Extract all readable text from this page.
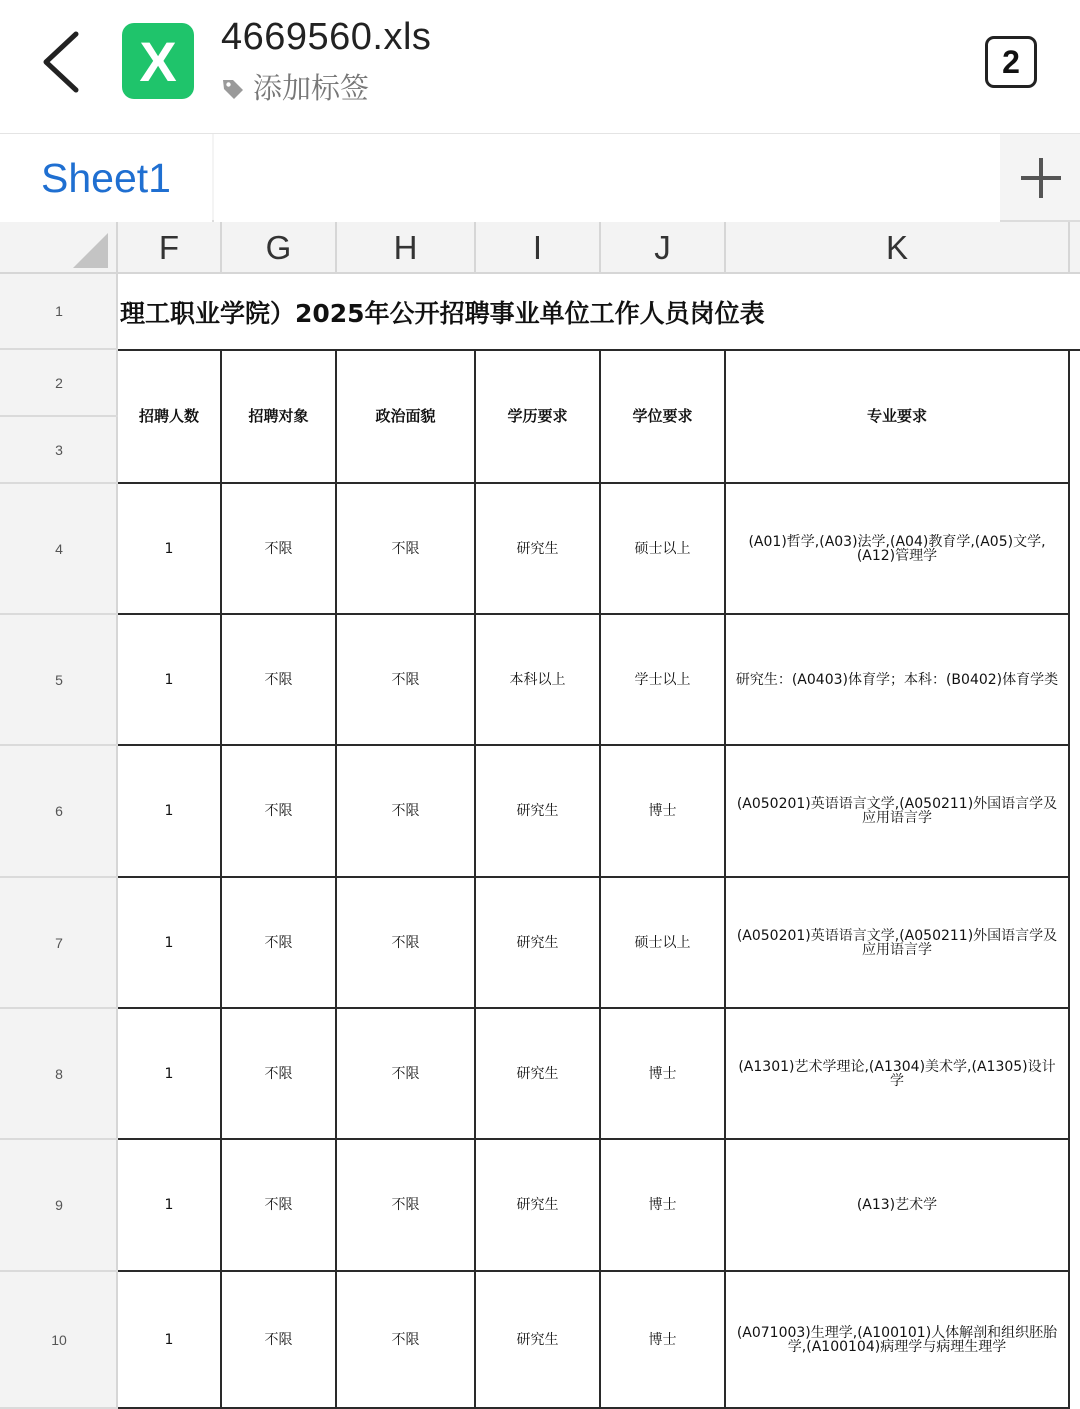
X	4669560.xls
添加标签
2
Sheet1
F	G	H	I	J	K
1
2
3
4
5
6
7
8
9
10
理工职业学院）2025年公开招聘事业单位工作人员岗位表
招聘人数	招聘对象	政治面貌	学历要求	学位要求	专业要求
1	不限	不限	研究生	硕士以上	(A01)哲学,(A03)法学,(A04)教育学,(A05)文学,(A12)管理学
1	不限	不限	本科以上	学士以上	研究生：(A0403)体育学；本科：(B0402)体育学类
1	不限	不限	研究生	博士	(A050201)英语语言文学,(A050211)外国语言学及应用语言学
1	不限	不限	研究生	硕士以上	(A050201)英语语言文学,(A050211)外国语言学及应用语言学
1	不限	不限	研究生	博士	(A1301)艺术学理论,(A1304)美术学,(A1305)设计学
1	不限	不限	研究生	博士	(A13)艺术学
1	不限	不限	研究生	博士	(A071003)生理学,(A100101)人体解剖和组织胚胎学,(A100104)病理学与病理生理学
